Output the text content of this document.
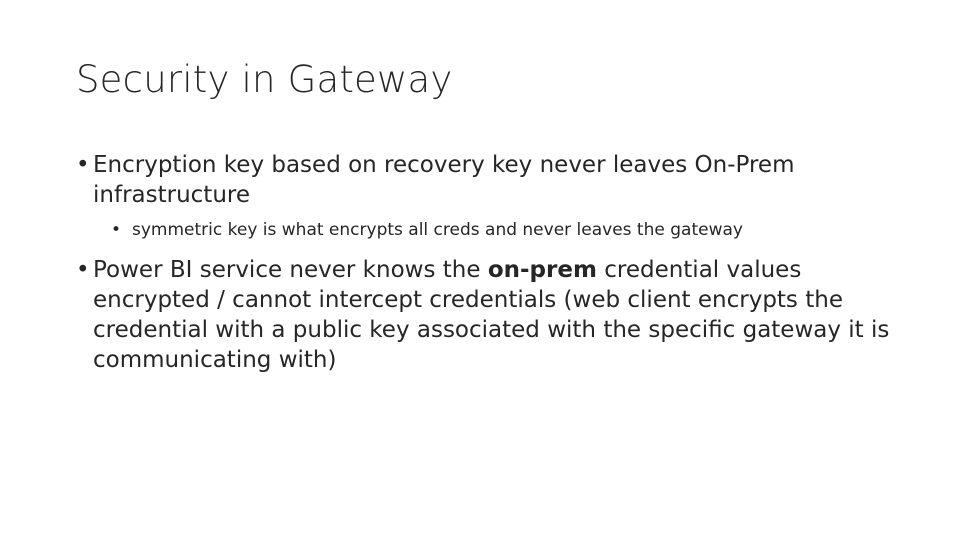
Security in Gateway

• Encryption key based on recovery key never leaves On-Prem infrastructure

• symmetric key is what encrypts all creds and never leaves the gateway

• Power BI service never knows the on-prem credential values encrypted / cannot intercept credentials (web client encrypts the credential with a public key associated with the specific gateway it is communicating with)
